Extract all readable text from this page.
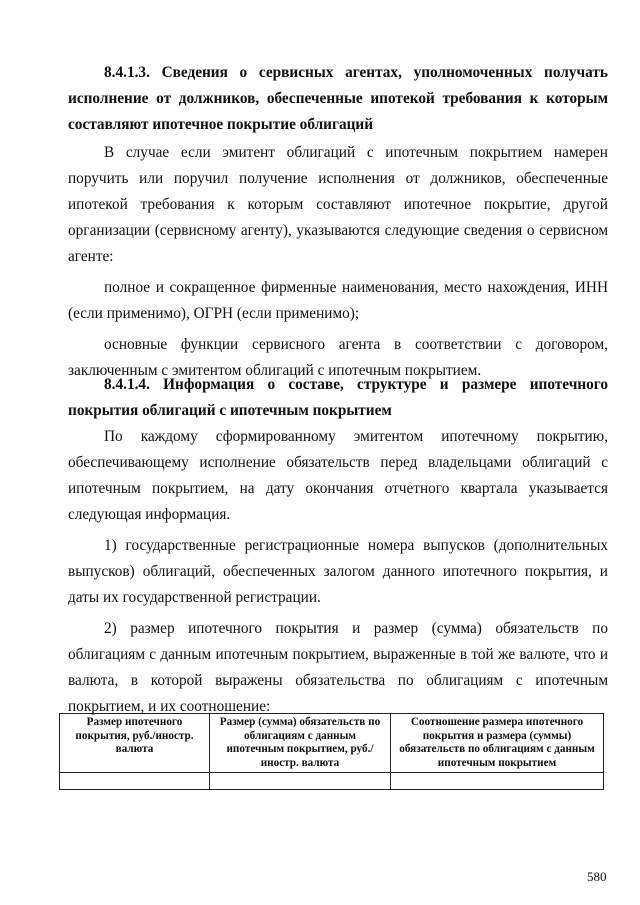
8.4.1.3. Сведения о сервисных агентах, уполномоченных получать исполнение от должников, обеспеченные ипотекой требования к которым составляют ипотечное покрытие облигаций

В случае если эмитент облигаций с ипотечным покрытием намерен поручить или поручил получение исполнения от должников, обеспеченные ипотекой требования к которым составляют ипотечное покрытие, другой организации (сервисному агенту), указываются следующие сведения о сервисном агенте:

полное и сокращенное фирменные наименования, место нахождения, ИНН (если применимо), ОГРН (если применимо);

основные функции сервисного агента в соответствии с договором, заключенным с эмитентом облигаций с ипотечным покрытием.

8.4.1.4. Информация о составе, структуре и размере ипотечного покрытия облигаций с ипотечным покрытием

По каждому сформированному эмитентом ипотечному покрытию, обеспечивающему исполнение обязательств перед владельцами облигаций с ипотечным покрытием, на дату окончания отчетного квартала указывается следующая информация.

1) государственные регистрационные номера выпусков (дополнительных выпусков) облигаций, обеспеченных залогом данного ипотечного покрытия, и даты их государственной регистрации.

2) размер ипотечного покрытия и размер (сумма) обязательств по облигациям с данным ипотечным покрытием, выраженные в той же валюте, что и валюта, в которой выражены обязательства по облигациям с ипотечным покрытием, и их соотношение:

Размер ипотечного покрытия, руб./иностр. валюта	Размер (сумма) обязательств по облигациям с данным ипотечным покрытием, руб./иностр. валюта	Соотношение размера ипотечного покрытия и размера (суммы) обязательств по облигациям с данным ипотечным покрытием

580
